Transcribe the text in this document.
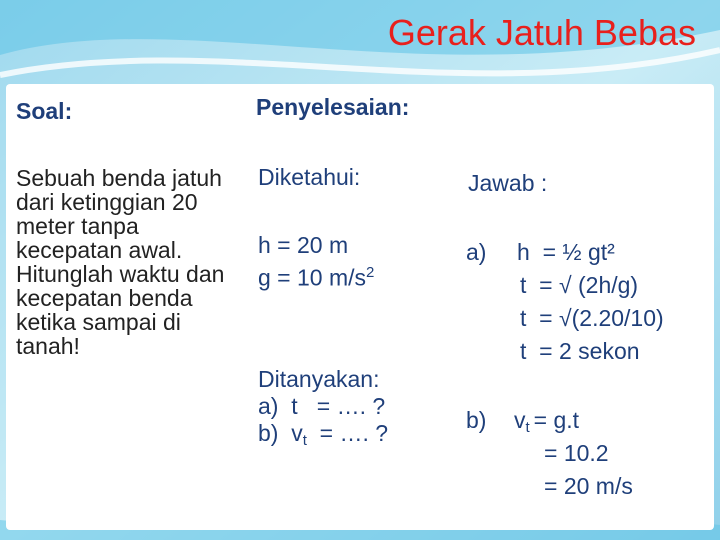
Gerak Jatuh Bebas
Soal:	Penyelesaian:

Sebuah benda jatuh dari ketinggian 20 meter tanpa kecepatan awal.

Hitunglah waktu dan kecepatan benda ketika sampai di tanah!

Diketahui:
h = 20 m
g = 10 $m/s^2$
Ditanyakan:
a)  t   = …. ?
b)  $v_t$  = …. ?
Jawab :
a) h  = ½ gt²
t  = √ (2h/g)
t  = √(2.20/10)
t  = 2 sekon
b) $v_t = g.t$
= 10.2
= 20 m/s
